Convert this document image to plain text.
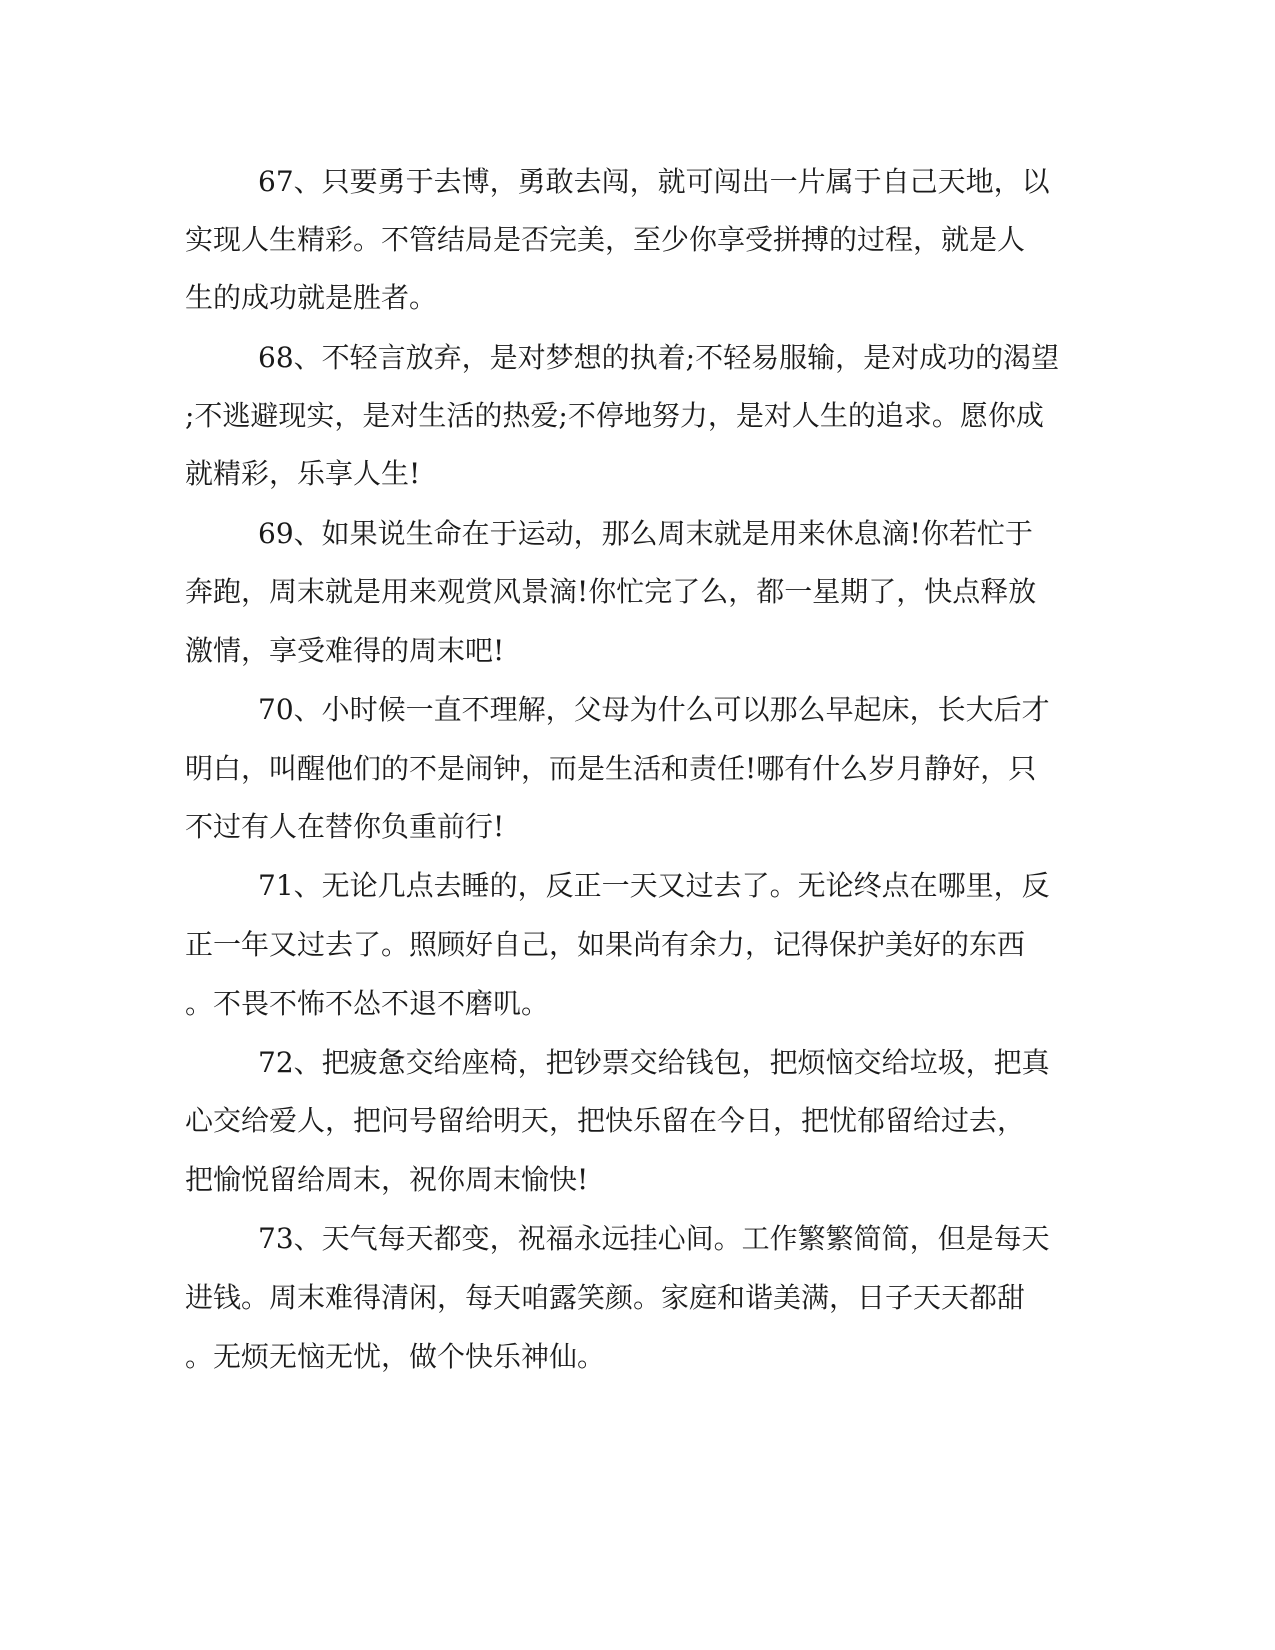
67、只要勇于去博，勇敢去闯，就可闯出一片属于自己天地，以
实现人生精彩。不管结局是否完美，至少你享受拼搏的过程，就是人
生的成功就是胜者。
68、不轻言放弃，是对梦想的执着;不轻易服输，是对成功的渴望
;不逃避现实，是对生活的热爱;不停地努力，是对人生的追求。愿你成
就精彩，乐享人生!
69、如果说生命在于运动，那么周末就是用来休息滴!你若忙于
奔跑，周末就是用来观赏风景滴!你忙完了么，都一星期了，快点释放
激情，享受难得的周末吧!
70、小时候一直不理解，父母为什么可以那么早起床，长大后才
明白，叫醒他们的不是闹钟，而是生活和责任!哪有什么岁月静好，只
不过有人在替你负重前行!
71、无论几点去睡的，反正一天又过去了。无论终点在哪里，反
正一年又过去了。照顾好自己，如果尚有余力，记得保护美好的东西
。不畏不怖不怂不退不磨叽。
72、把疲惫交给座椅，把钞票交给钱包，把烦恼交给垃圾，把真
心交给爱人，把问号留给明天，把快乐留在今日，把忧郁留给过去，
把愉悦留给周末，祝你周末愉快!
73、天气每天都变，祝福永远挂心间。工作繁繁简简，但是每天
进钱。周末难得清闲，每天咱露笑颜。家庭和谐美满，日子天天都甜
。无烦无恼无忧，做个快乐神仙。
